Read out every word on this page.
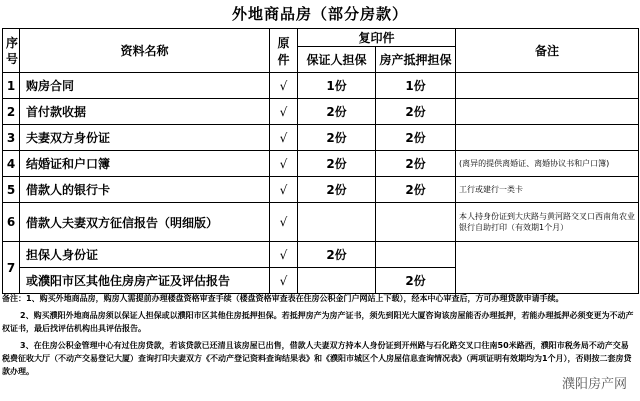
外地商品房（部分房款）
序号	资料名称	原件	复印件		备注
			保证人担保	房产抵押担保	
1	购房合同	√	1份	1份	
2	首付款收据	√	2份	2份	
3	夫妻双方身份证	√	2份	2份	
4	结婚证和户口簿	√	2份	2份	(离异的提供离婚证、离婚协议书和户口簿)
5	借款人的银行卡	√	2份	2份	工行或建行一类卡
6	借款人夫妻双方征信报告（明细版）	√			本人持身份证到大庆路与黄河路交叉口西南角农业银行自助打印（有效期1个月）
7	担保人身份证	√	2份		
	或濮阳市区其他住房房产证及评估报告	√		2份	

备注：1、购买外地商品房，购房人需提前办理楼盘资格审查手续（楼盘资格审查表在住房公积金门户网站上下载），经本中心审查后，方可办理贷款申请手续。

2、购买濮阳外地商品房须以保证人担保或以濮阳市区其他住房抵押担保。若抵押房产为房产证书，须先到阳光大厦咨询该房屋能否办理抵押，若能办理抵押必须变更为不动产权证书，最后找评估机构出具评估报告。

3、在住房公积金管理中心有过住房贷款，若该贷款已还清且该房屋已出售，借款人夫妻双方持本人身份证到开州路与石化路交叉口往南50米路西，濮阳市税务局不动产交易税费征收大厅（不动产交易登记大厦）查询打印夫妻双方《不动产登记资料查询结果表》和《濮阳市城区个人房屋信息查询情况表》（两项证明有效期均为1个月），否则按二套房贷款办理。

濮阳房产网
